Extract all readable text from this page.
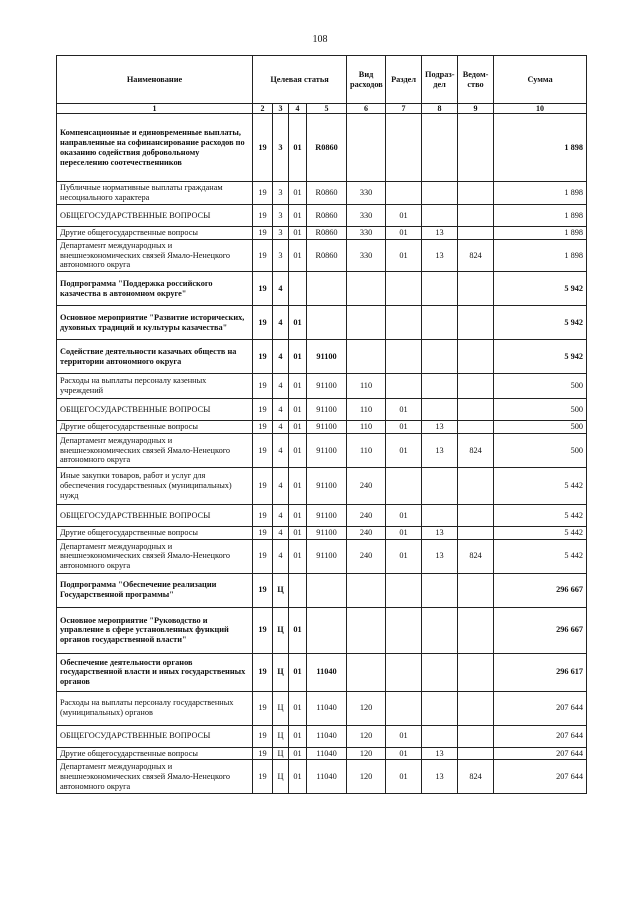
108
Наименование	Целевая статья				Вид расходов	Раздел	Подраз-дел	Ведом-ство	Сумма
1	2	3	4	5	6	7	8	9	10
Компенсационные и единовременные выплаты, направленные на софинансирование расходов по оказанию содействия добровольному переселению соотечественников	19	3	01	R0860					1 898
Публичные нормативные выплаты гражданам несоциального характера	19	3	01	R0860	330				1 898
ОБЩЕГОСУДАРСТВЕННЫЕ ВОПРОСЫ	19	3	01	R0860	330	01			1 898
Другие общегосударственные вопросы	19	3	01	R0860	330	01	13		1 898
Департамент международных и внешнеэкономических связей Ямало-Ненецкого автономного округа	19	3	01	R0860	330	01	13	824	1 898
Подпрограмма "Поддержка российского казачества в автономном округе"	19	4							5 942
Основное мероприятие "Развитие исторических, духовных традиций и культуры казачества"	19	4	01						5 942
Содействие деятельности казачьих обществ на территории автономного округа	19	4	01	91100					5 942
Расходы на выплаты персоналу казенных учреждений	19	4	01	91100	110				500
ОБЩЕГОСУДАРСТВЕННЫЕ ВОПРОСЫ	19	4	01	91100	110	01			500
Другие общегосударственные вопросы	19	4	01	91100	110	01	13		500
Департамент международных и внешнеэкономических связей Ямало-Ненецкого автономного округа	19	4	01	91100	110	01	13	824	500
Иные закупки товаров, работ и услуг для обеспечения государственных (муниципальных) нужд	19	4	01	91100	240				5 442
ОБЩЕГОСУДАРСТВЕННЫЕ ВОПРОСЫ	19	4	01	91100	240	01			5 442
Другие общегосударственные вопросы	19	4	01	91100	240	01	13		5 442
Департамент международных и внешнеэкономических связей Ямало-Ненецкого автономного округа	19	4	01	91100	240	01	13	824	5 442
Подпрограмма "Обеспечение реализации Государственной программы"	19	Ц							296 667
Основное мероприятие "Руководство и управление в сфере установленных функций органов государственной власти"	19	Ц	01						296 667
Обеспечение деятельности органов государственной власти и иных государственных органов	19	Ц	01	11040					296 617
Расходы на выплаты персоналу государственных (муниципальных) органов	19	Ц	01	11040	120				207 644
ОБЩЕГОСУДАРСТВЕННЫЕ ВОПРОСЫ	19	Ц	01	11040	120	01			207 644
Другие общегосударственные вопросы	19	Ц	01	11040	120	01	13		207 644
Департамент международных и внешнеэкономических связей Ямало-Ненецкого автономного округа	19	Ц	01	11040	120	01	13	824	207 644
